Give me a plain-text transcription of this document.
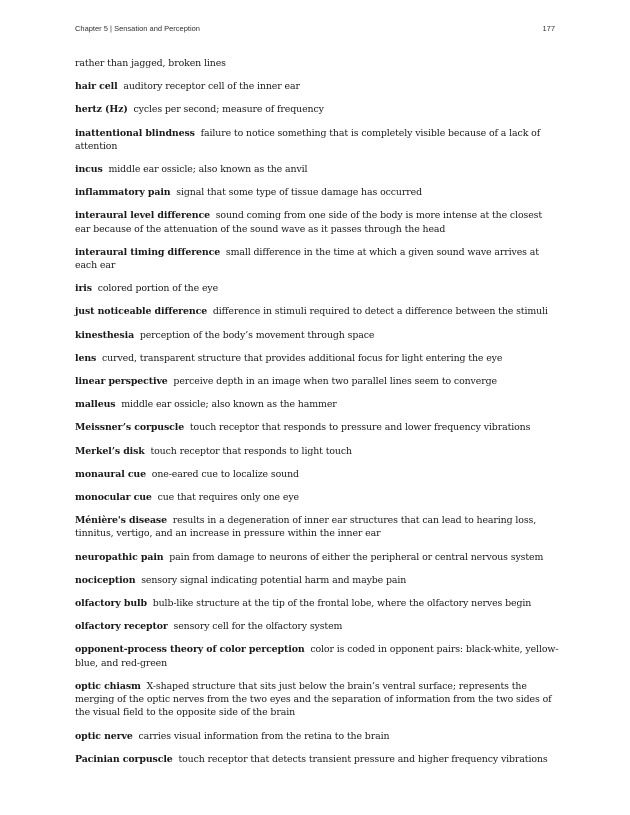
Chapter 5 | Sensation and Perception	177
rather than jagged, broken lines
hair cell auditory receptor cell of the inner ear
hertz (Hz) cycles per second; measure of frequency
inattentional blindness failure to notice something that is completely visible because of a lack of attention
incus middle ear ossicle; also known as the anvil
inflammatory pain signal that some type of tissue damage has occurred
interaural level difference sound coming from one side of the body is more intense at the closest ear because of the attenuation of the sound wave as it passes through the head
interaural timing difference small difference in the time at which a given sound wave arrives at each ear
iris colored portion of the eye
just noticeable difference difference in stimuli required to detect a difference between the stimuli
kinesthesia perception of the body’s movement through space
lens curved, transparent structure that provides additional focus for light entering the eye
linear perspective perceive depth in an image when two parallel lines seem to converge
malleus middle ear ossicle; also known as the hammer
Meissner’s corpuscle touch receptor that responds to pressure and lower frequency vibrations
Merkel’s disk touch receptor that responds to light touch
monaural cue one-eared cue to localize sound
monocular cue cue that requires only one eye
Ménière's disease results in a degeneration of inner ear structures that can lead to hearing loss, tinnitus, vertigo, and an increase in pressure within the inner ear
neuropathic pain pain from damage to neurons of either the peripheral or central nervous system
nociception sensory signal indicating potential harm and maybe pain
olfactory bulb bulb-like structure at the tip of the frontal lobe, where the olfactory nerves begin
olfactory receptor sensory cell for the olfactory system
opponent-process theory of color perception color is coded in opponent pairs: black-white, yellow-blue, and red-green
optic chiasm X-shaped structure that sits just below the brain’s ventral surface; represents the merging of the optic nerves from the two eyes and the separation of information from the two sides of the visual field to the opposite side of the brain
optic nerve carries visual information from the retina to the brain
Pacinian corpuscle touch receptor that detects transient pressure and higher frequency vibrations
